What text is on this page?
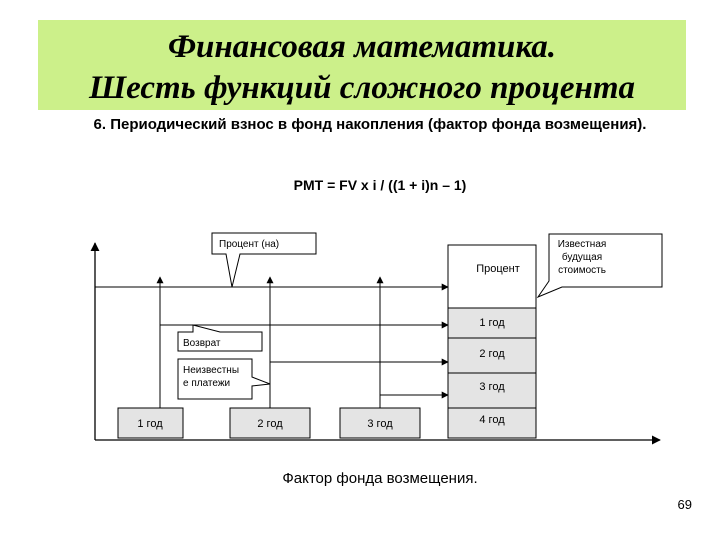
Финансовая математика.
Шесть функций сложного процента
6. Периодический взнос в фонд накопления (фактор фонда возмещения).
PMT = FV x i / ((1 + i)n – 1)
1 год	2 год	3 год
Процент
1 год
2 год
3 год
4 год
Процент (на)	Известная
будущая
стоимость
Возврат
Неизвестны
е платежи
Фактор фонда возмещения.
69
